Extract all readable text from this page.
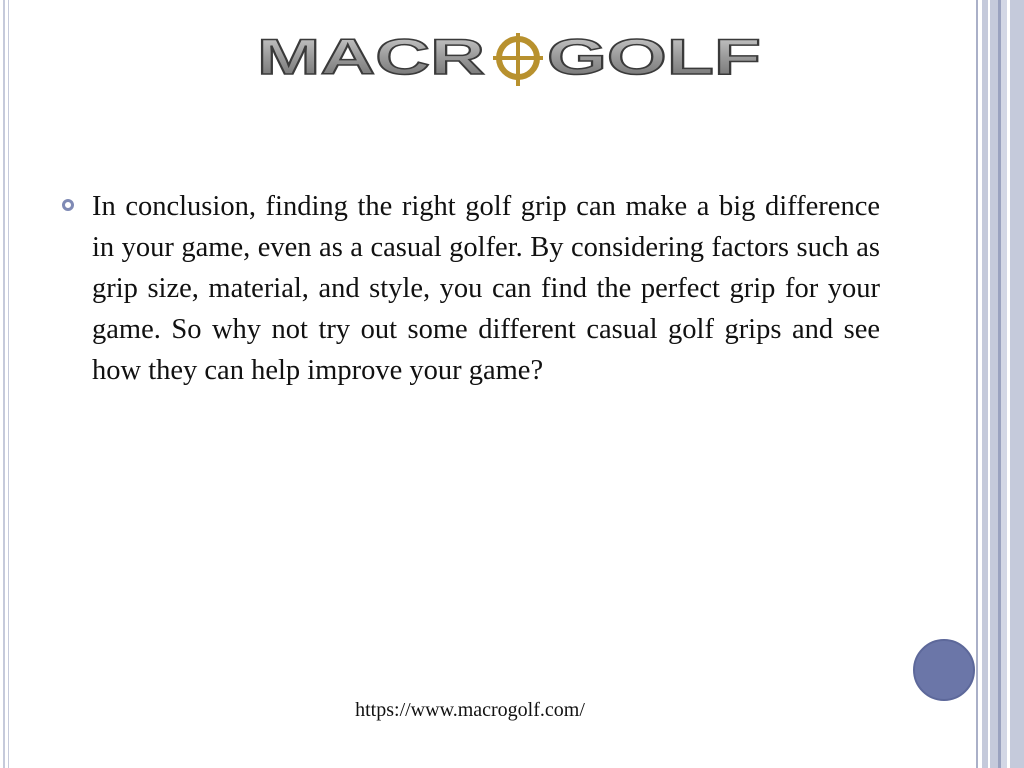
MACR GOLF

In conclusion, finding the right golf grip can make a big difference in your game, even as a casual golfer. By considering factors such as grip size, material, and style, you can find the perfect grip for your game. So why not try out some different casual golf grips and see how they can help improve your game?

https://www.macrogolf.com/
